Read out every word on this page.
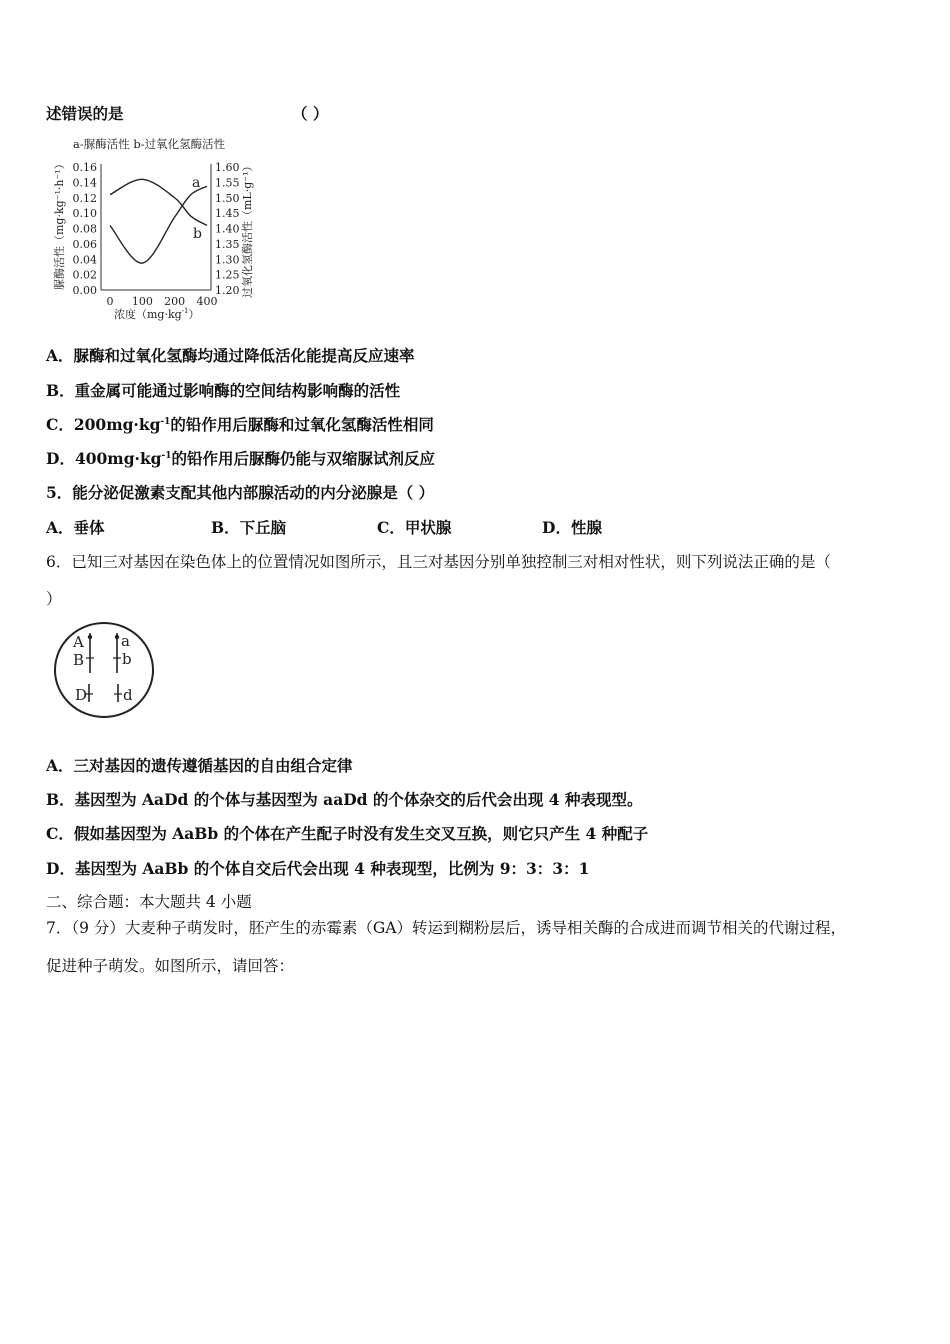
述错误的是	（ ）
a-脲酶活性 b-过氧化氢酶活性
0.16
0.14
0.12
0.10
0.08
0.06
0.04
0.02
0.00
1.60
1.55
1.50
1.45
1.40
1.35
1.30
1.25
1.20
0 100 200 400
a
b
脲酶活性（mg·kg⁻¹·h⁻¹）	过氧化氢酶活性（mL·g⁻¹）
浓度$(mg\cdot kg^{-1})$
A．脲酶和过氧化氢酶均通过降低活化能提高反应速率
B．重金属可能通过影响酶的空间结构影响酶的活性
C．$200mg\cdot kg^{-1}$的铅作用后脲酶和过氧化氢酶活性相同
D．$400mg\cdot kg^{-1}$的铅作用后脲酶仍能与双缩脲试剂反应
5．能分泌促激素支配其他内部腺活动的内分泌腺是（ ）
A．垂体	B．下丘脑	C．甲状腺	D．性腺
6．已知三对基因在染色体上的位置情况如图所示，且三对基因分别单独控制三对相对性状，则下列说法正确的是（
）
A
B
D
a
b
d
A．三对基因的遗传遵循基因的自由组合定律
B．基因型为 AaDd 的个体与基因型为 aaDd 的个体杂交的后代会出现 4 种表现型。
C．假如基因型为 AaBb 的个体在产生配子时没有发生交叉互换，则它只产生 4 种配子
D．基因型为 AaBb 的个体自交后代会出现 4 种表现型，比例为 9：3：3：1
二、综合题：本大题共 4 小题
7．（9 分）大麦种子萌发时，胚产生的赤霉素（GA）转运到糊粉层后，诱导相关酶的合成进而调节相关的代谢过程，
促进种子萌发。如图所示，请回答：
